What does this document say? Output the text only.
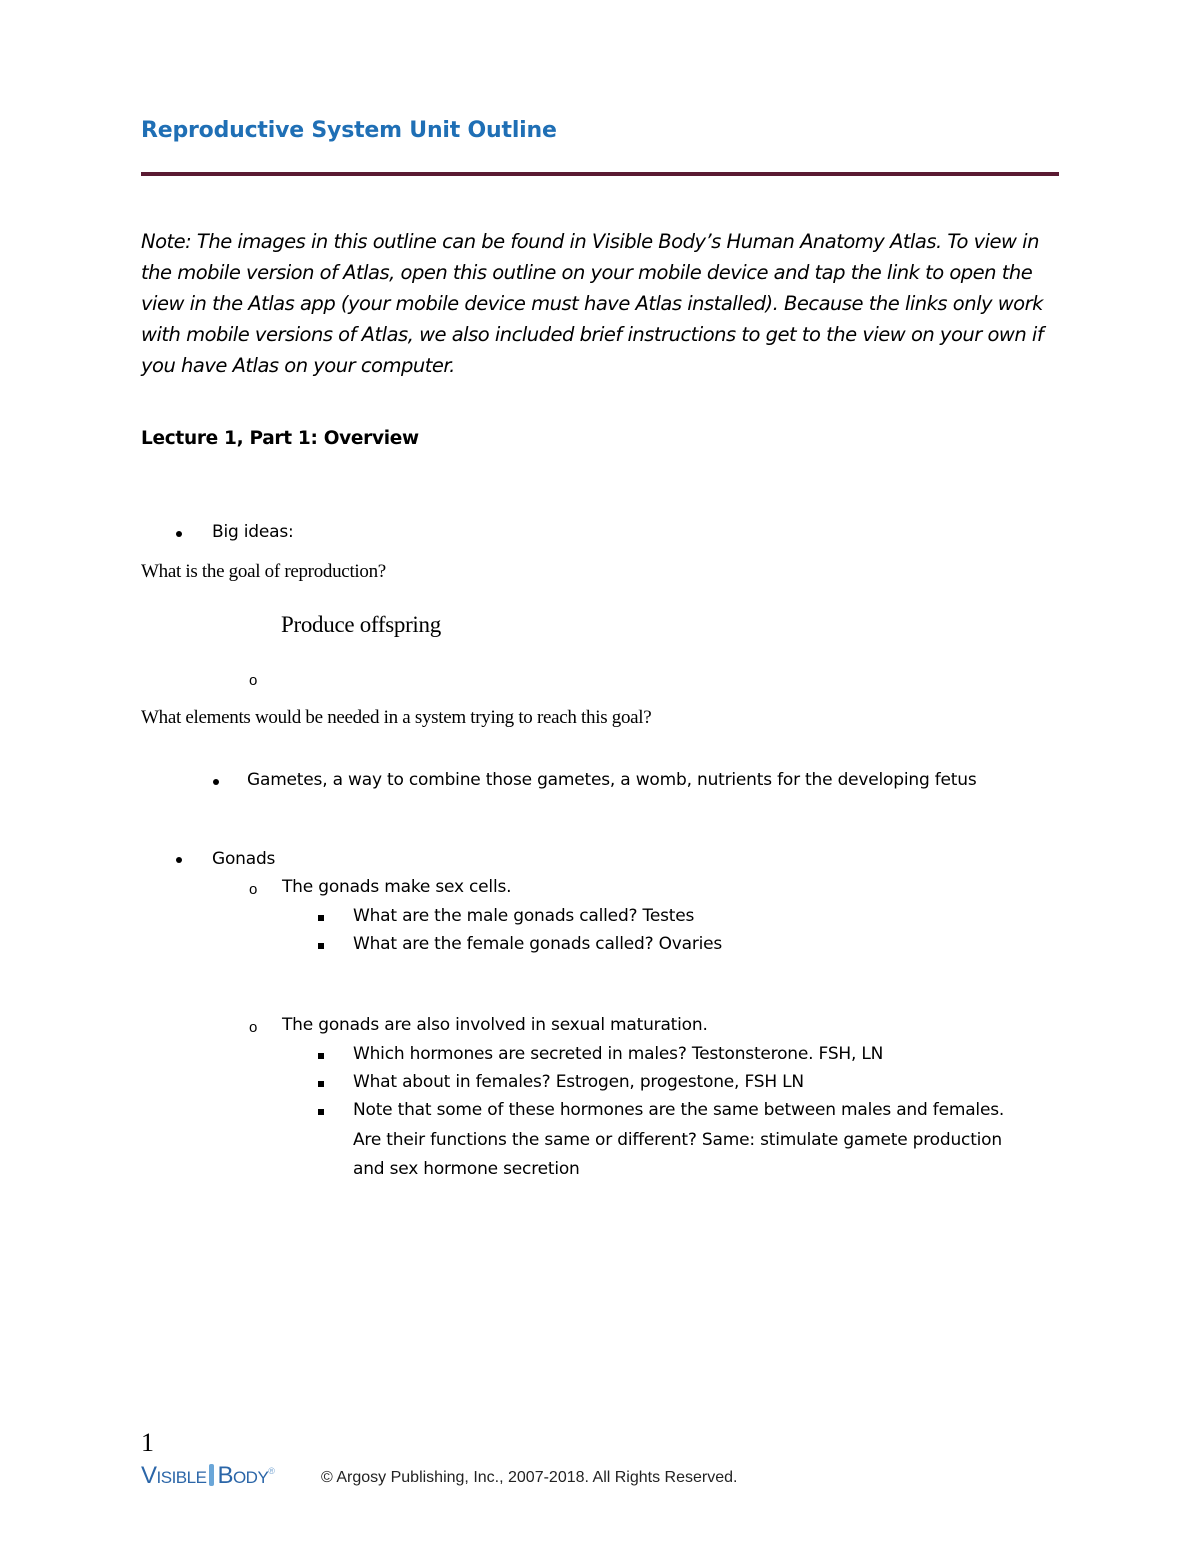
Reproductive System Unit Outline
Note: The images in this outline can be found in Visible Body’s Human Anatomy Atlas. To view in the mobile version of Atlas, open this outline on your mobile device and tap the link to open the view in the Atlas app (your mobile device must have Atlas installed). Because the links only work with mobile versions of Atlas, we also included brief instructions to get to the view on your own if you have Atlas on your computer.
Lecture 1, Part 1: Overview
Big ideas:
What is the goal of reproduction?
Produce offspring
o
What elements would be needed in a system trying to reach this goal?
Gametes, a way to combine those gametes, a womb, nutrients for the developing fetus
Gonads
o The gonads make sex cells.
What are the male gonads called? Testes
What are the female gonads called? Ovaries
o The gonads are also involved in sexual maturation.
Which hormones are secreted in males? Testonsterone. FSH, LN
What about in females? Estrogen, progestone, FSH LN
Note that some of these hormones are the same between males and females.
Are their functions the same or different? Same: stimulate gamete production
and sex hormone secretion
1
Visible Body®	© Argosy Publishing, Inc., 2007-2018. All Rights Reserved.
